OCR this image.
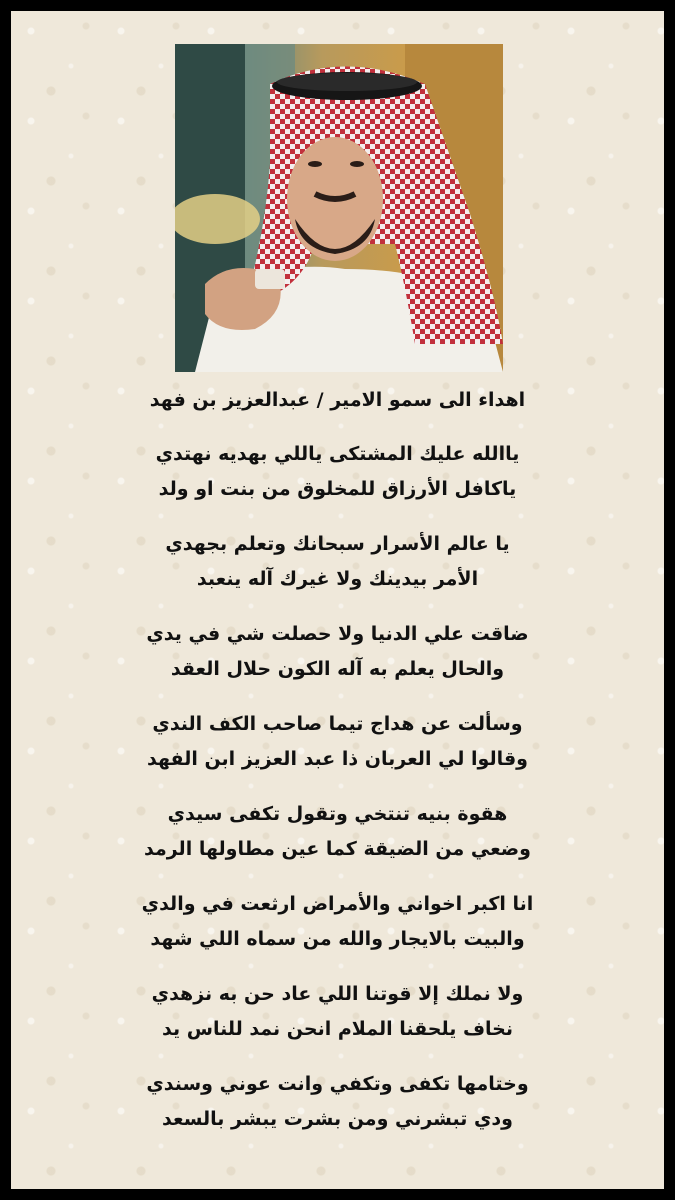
اهداء الى سمو الامير / عبدالعزيز بن فهد
ياالله عليك المشتكى ياللي بهديه نهتدي
ياكافل الأرزاق للمخلوق من بنت او ولد
يا عالم الأسرار سبحانك وتعلم بجهدي
الأمر بيدينك ولا غيرك آله ينعبد
ضاقت علي الدنيا ولا حصلت شي في يدي
والحال يعلم به آله الكون حلال العقد
وسألت عن هداج تيما صاحب الكف الندي
وقالوا لي العربان ذا عبد العزيز ابن الفهد
هقوة بنيه تنتخي وتقول تكفى سيدي
وضعي من الضيقة كما عين مطاولها الرمد
انا اكبر اخواني والأمراض ارثعت في والدي
والبيت بالايجار والله من سماه اللي شهد
ولا نملك إلا قوتنا اللي عاد حن به نزهدي
نخاف يلحقنا الملام انحن نمد للناس يد
وختامها تكفى وتكفي وانت عوني وسندي
ودي تبشرني ومن بشرت يبشر بالسعد
